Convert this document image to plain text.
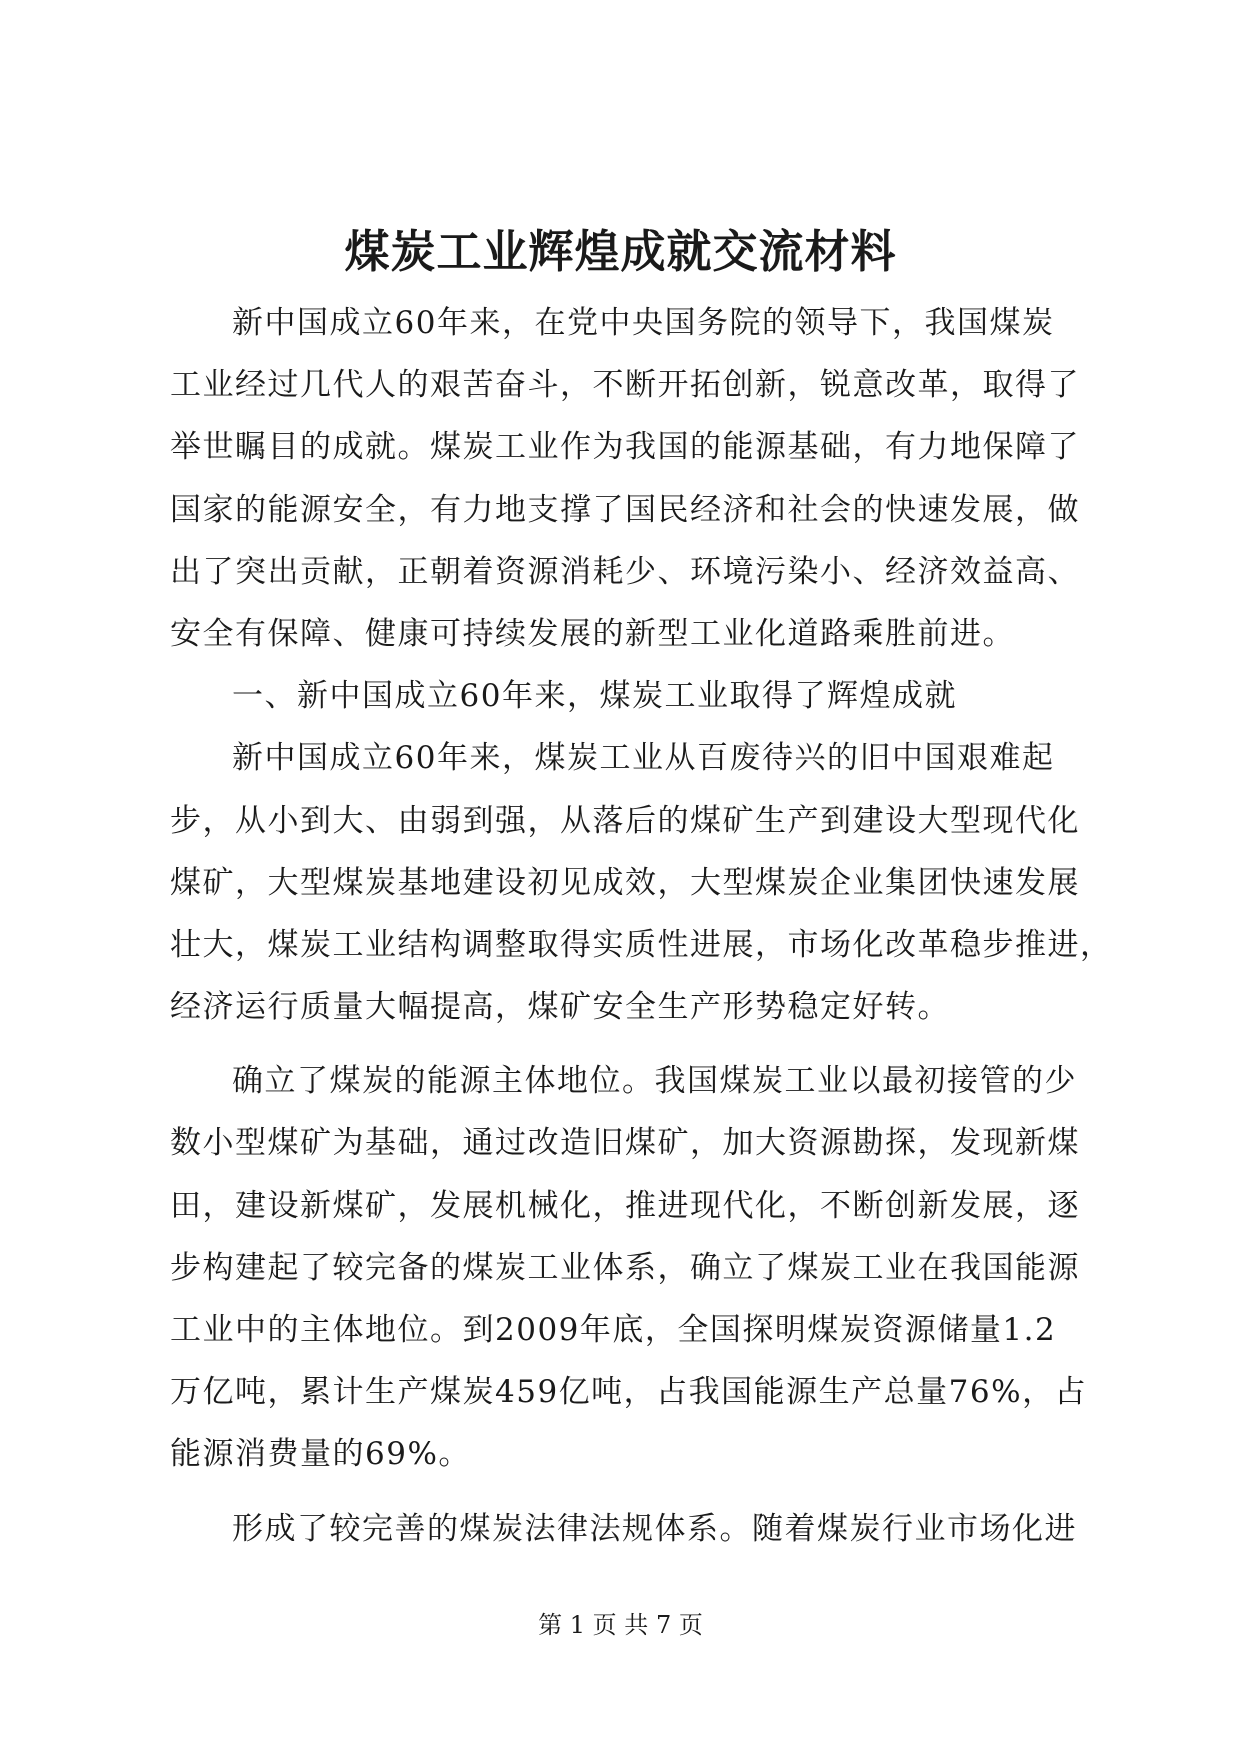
煤炭工业辉煌成就交流材料
新中国成立60年来，在党中央国务院的领导下，我国煤炭
工业经过几代人的艰苦奋斗，不断开拓创新，锐意改革，取得了
举世瞩目的成就。煤炭工业作为我国的能源基础，有力地保障了
国家的能源安全，有力地支撑了国民经济和社会的快速发展，做
出了突出贡献，正朝着资源消耗少、环境污染小、经济效益高、
安全有保障、健康可持续发展的新型工业化道路乘胜前进。
一、新中国成立60年来，煤炭工业取得了辉煌成就
新中国成立60年来，煤炭工业从百废待兴的旧中国艰难起
步，从小到大、由弱到强，从落后的煤矿生产到建设大型现代化
煤矿，大型煤炭基地建设初见成效，大型煤炭企业集团快速发展
壮大，煤炭工业结构调整取得实质性进展，市场化改革稳步推进，
经济运行质量大幅提高，煤矿安全生产形势稳定好转。
确立了煤炭的能源主体地位。我国煤炭工业以最初接管的少
数小型煤矿为基础，通过改造旧煤矿，加大资源勘探，发现新煤
田，建设新煤矿，发展机械化，推进现代化，不断创新发展，逐
步构建起了较完备的煤炭工业体系，确立了煤炭工业在我国能源
工业中的主体地位。到2009年底，全国探明煤炭资源储量1.2
万亿吨，累计生产煤炭459亿吨，占我国能源生产总量76%，占
能源消费量的69%。
形成了较完善的煤炭法律法规体系。随着煤炭行业市场化进
第 1 页 共 7 页
